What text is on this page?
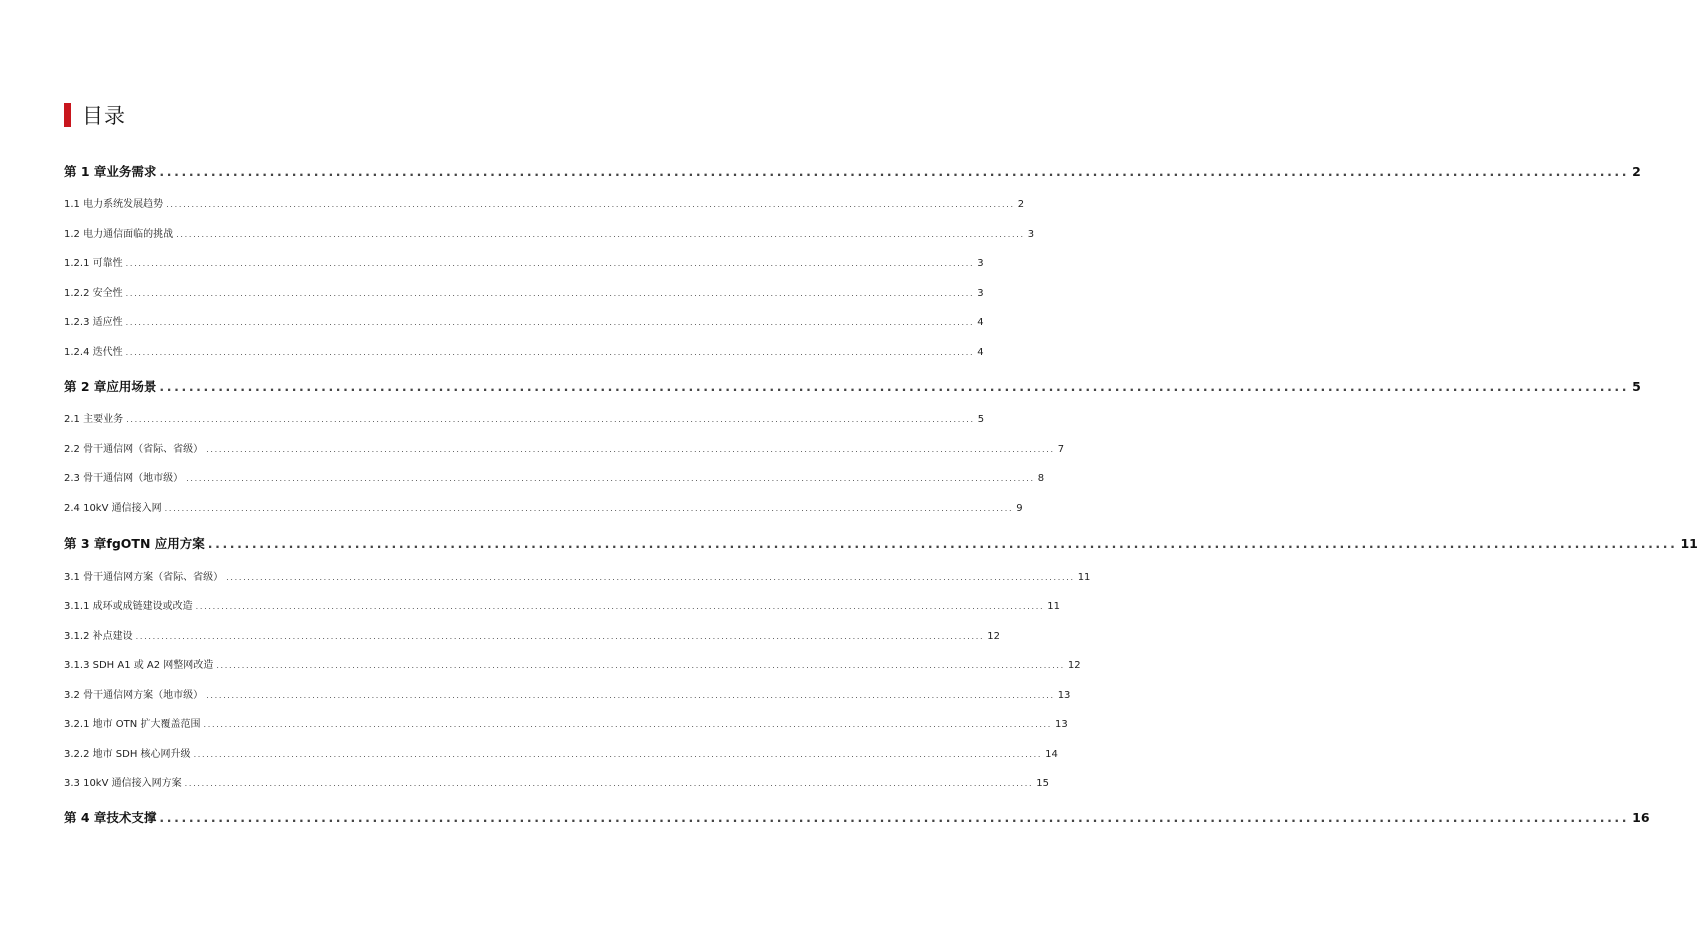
目录
第 1 章 业务需求 ........................................................................................................................................................................................................ 2
1.1 电力系统发展趋势 ........................................................................................................................................................................................................ 2
1.2 电力通信面临的挑战 ........................................................................................................................................................................................................ 3
1.2.1 可靠性 ........................................................................................................................................................................................................ 3
1.2.2 安全性 ........................................................................................................................................................................................................ 3
1.2.3 适应性 ........................................................................................................................................................................................................ 4
1.2.4 迭代性 ........................................................................................................................................................................................................ 4
第 2 章 应用场景 ........................................................................................................................................................................................................ 5
2.1 主要业务 ........................................................................................................................................................................................................ 5
2.2 骨干通信网（省际、省级） ........................................................................................................................................................................................................ 7
2.3 骨干通信网（地市级） ........................................................................................................................................................................................................ 8
2.4 10kV 通信接入网 ........................................................................................................................................................................................................ 9
第 3 章 fgOTN 应用方案 ........................................................................................................................................................................................................ 11
3.1 骨干通信网方案（省际、省级） ........................................................................................................................................................................................................ 11
3.1.1 成环或成链建设或改造 ........................................................................................................................................................................................................ 11
3.1.2 补点建设 ........................................................................................................................................................................................................ 12
3.1.3 SDH A1 或 A2 网整网改造 ........................................................................................................................................................................................................ 12
3.2 骨干通信网方案（地市级） ........................................................................................................................................................................................................ 13
3.2.1 地市 OTN 扩大覆盖范围 ........................................................................................................................................................................................................ 13
3.2.2 地市 SDH 核心网升级 ........................................................................................................................................................................................................ 14
3.3 10kV 通信接入网方案 ........................................................................................................................................................................................................ 15
第 4 章 技术支撑 ........................................................................................................................................................................................................ 16
